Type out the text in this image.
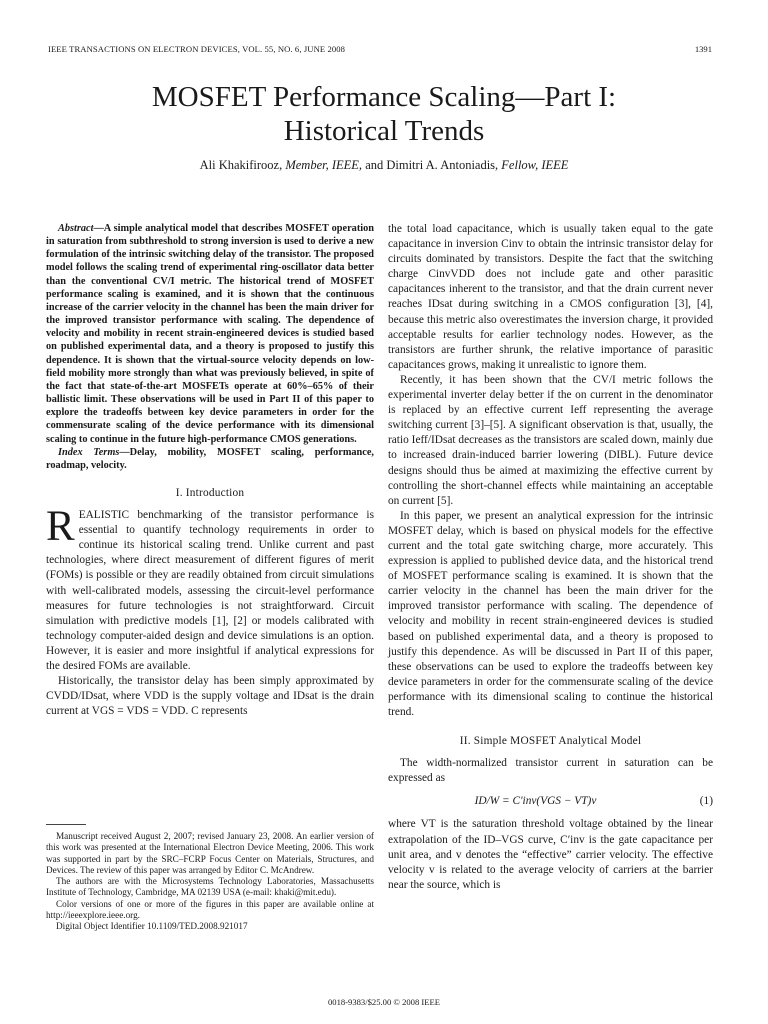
IEEE TRANSACTIONS ON ELECTRON DEVICES, VOL. 55, NO. 6, JUNE 2008	1391
MOSFET Performance Scaling—Part I:
Historical Trends
Ali Khakifirooz, Member, IEEE, and Dimitri A. Antoniadis, Fellow, IEEE

Abstract—A simple analytical model that describes MOSFET operation in saturation from subthreshold to strong inversion is used to derive a new formulation of the intrinsic switching delay of the transistor. The proposed model follows the scaling trend of experimental ring-oscillator data better than the conventional CV/I metric. The historical trend of MOSFET performance scaling is examined, and it is shown that the continuous increase of the carrier velocity in the channel has been the main driver for the improved transistor performance with scaling. The dependence of velocity and mobility in recent strain-engineered devices is studied based on published experimental data, and a theory is proposed to justify this dependence. It is shown that the virtual-source velocity depends on low-field mobility more strongly than what was previously believed, in spite of the fact that state-of-the-art MOSFETs operate at 60%–65% of their ballistic limit. These observations will be used in Part II of this paper to explore the tradeoffs between key device parameters in order for the commensurate scaling of the device performance with its dimensional scaling to continue in the future high-performance CMOS generations.

Index Terms—Delay, mobility, MOSFET scaling, performance, roadmap, velocity.

I. Introduction

REALISTIC benchmarking of the transistor performance is essential to quantify technology requirements in order to continue its historical scaling trend. Unlike current and past technologies, where direct measurement of different figures of merit (FOMs) is possible or they are readily obtained from circuit simulations with well-calibrated models, assessing the circuit-level performance measures for future technologies is not straightforward. Circuit simulation with predictive models [1], [2] or models calibrated with technology computer-aided design and device simulations is an option. However, it is easier and more insightful if analytical expressions for the desired FOMs are available.

Historically, the transistor delay has been simply approximated by CVDD/IDsat, where VDD is the supply voltage and IDsat is the drain current at VGS = VDS = VDD. C represents

Manuscript received August 2, 2007; revised January 23, 2008. An earlier version of this work was presented at the International Electron Device Meeting, 2006. This work was supported in part by the SRC–FCRP Focus Center on Materials, Structures, and Devices. The review of this paper was arranged by Editor C. McAndrew.

The authors are with the Microsystems Technology Laboratories, Massachusetts Institute of Technology, Cambridge, MA 02139 USA (e-mail: khaki@mit.edu).

Color versions of one or more of the figures in this paper are available online at http://ieeexplore.ieee.org.

Digital Object Identifier 10.1109/TED.2008.921017

the total load capacitance, which is usually taken equal to the gate capacitance in inversion Cinv to obtain the intrinsic transistor delay for circuits dominated by transistors. Despite the fact that the switching charge CinvVDD does not include gate and other parasitic capacitances inherent to the transistor, and that the drain current never reaches IDsat during switching in a CMOS configuration [3], [4], because this metric also overestimates the inversion charge, it provided acceptable results for earlier technology nodes. However, as the transistors are further shrunk, the relative importance of parasitic capacitances grows, making it unrealistic to ignore them.

Recently, it has been shown that the CV/I metric follows the experimental inverter delay better if the on current in the denominator is replaced by an effective current Ieff representing the average switching current [3]–[5]. A significant observation is that, usually, the ratio Ieff/IDsat decreases as the transistors are scaled down, mainly due to increased drain-induced barrier lowering (DIBL). Future device designs should thus be aimed at maximizing the effective current by controlling the short-channel effects while maintaining an acceptable on current [5].

In this paper, we present an analytical expression for the intrinsic MOSFET delay, which is based on physical models for the effective current and the total gate switching charge, more accurately. This expression is applied to published device data, and the historical trend of MOSFET performance scaling is examined. It is shown that the carrier velocity in the channel has been the main driver for the improved transistor performance with scaling. The dependence of velocity and mobility in recent strain-engineered devices is studied based on published experimental data, and a theory is proposed to justify this dependence. As will be discussed in Part II of this paper, these observations can be used to explore the tradeoffs between key device parameters in order for the commensurate scaling of the device performance with its dimensional scaling to continue the historical trend.

II. Simple MOSFET Analytical Model

The width-normalized transistor current in saturation can be expressed as

ID/W = C′inv(VGS − VT)v	(1)

where VT is the saturation threshold voltage obtained by the linear extrapolation of the ID–VGS curve, C′inv is the gate capacitance per unit area, and v denotes the “effective” carrier velocity. The effective velocity v is related to the average velocity of carriers at the barrier near the source, which is

0018-9383/$25.00 © 2008 IEEE
